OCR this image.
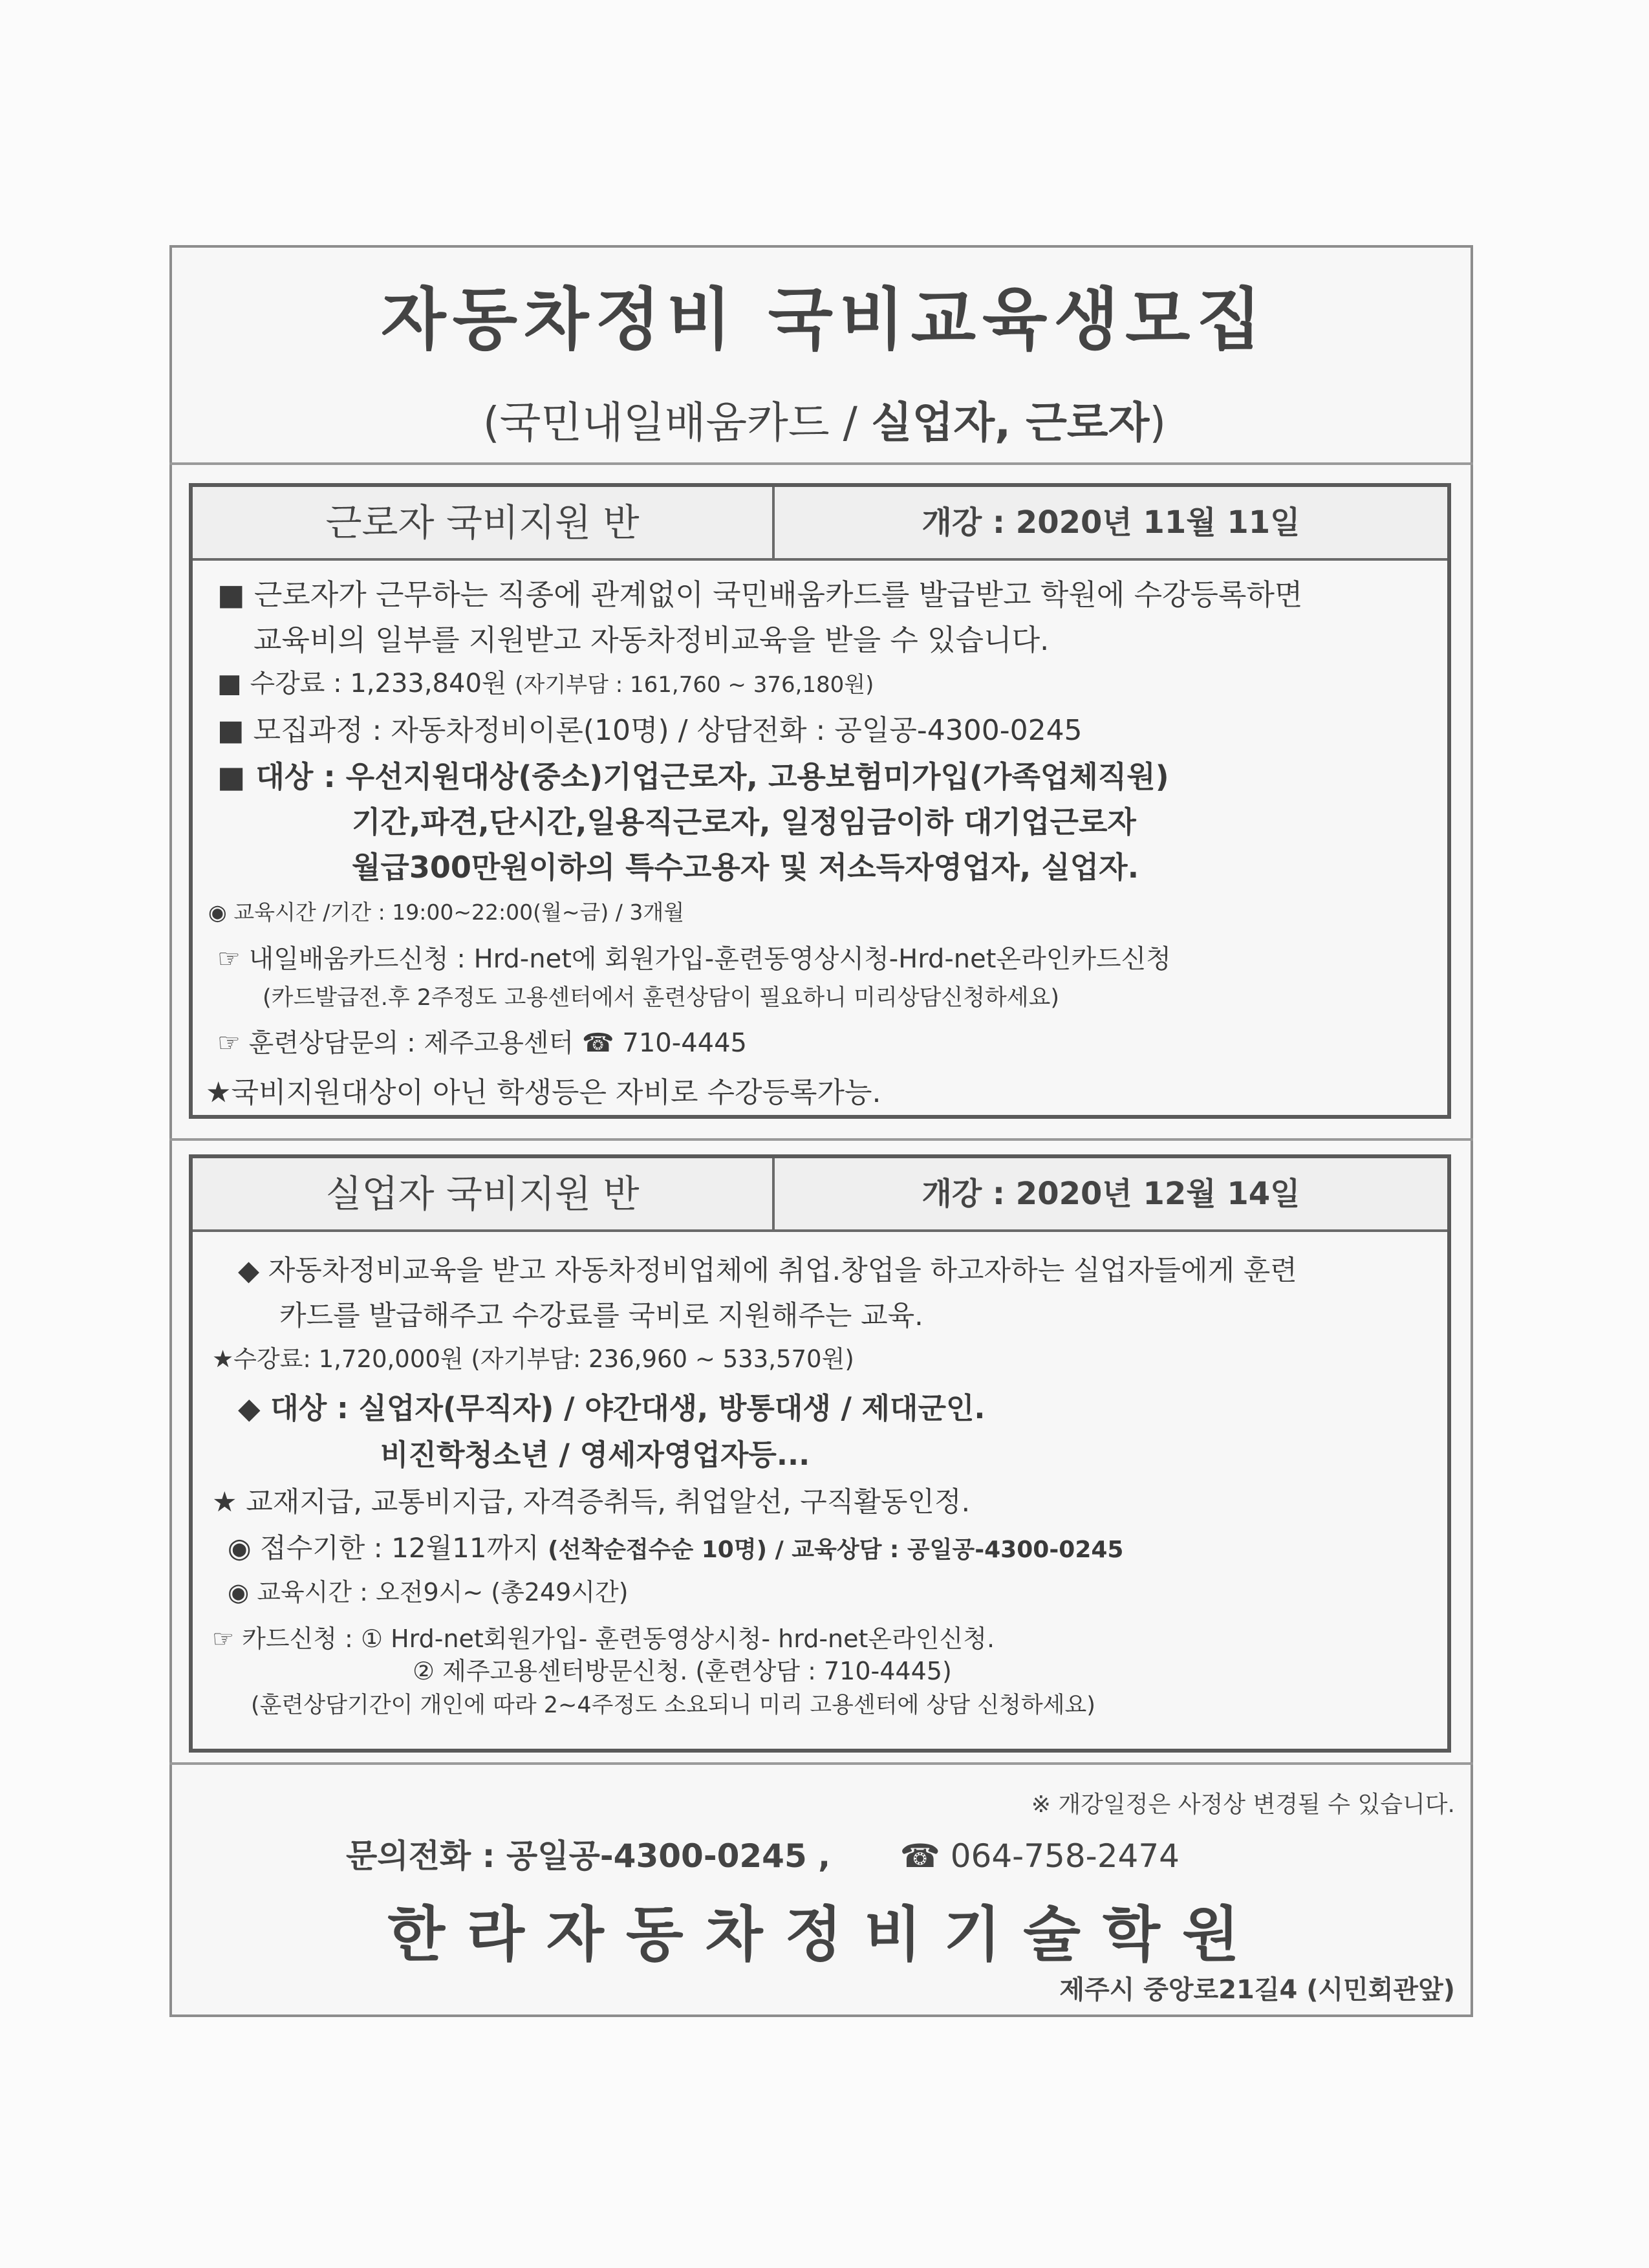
자동차정비 국비교육생모집
(국민내일배움카드 / 실업자, 근로자)
근로자 국비지원 반	개강 : 2020년 11월 11일
■ 근로자가 근무하는 직종에 관계없이 국민배움카드를 발급받고 학원에 수강등록하면
교육비의 일부를 지원받고 자동차정비교육을 받을 수 있습니다.
■ 수강료 : 1,233,840원 (자기부담 : 161,760 ~ 376,180원)
■ 모집과정 : 자동차정비이론(10명) / 상담전화 : 공일공-4300-0245
■ 대상 : 우선지원대상(중소)기업근로자, 고용보험미가입(가족업체직원)
기간,파견,단시간,일용직근로자, 일정임금이하 대기업근로자
월급300만원이하의 특수고용자 및 저소득자영업자, 실업자.
◉ 교육시간 /기간 : 19:00~22:00(월~금) / 3개월
☞ 내일배움카드신청 : Hrd-net에 회원가입-훈련동영상시청-Hrd-net온라인카드신청
(카드발급전.후 2주정도 고용센터에서 훈련상담이 필요하니 미리상담신청하세요)
☞ 훈련상담문의 : 제주고용센터 ☎ 710-4445
★국비지원대상이 아닌 학생등은 자비로 수강등록가능.
실업자 국비지원 반	개강 : 2020년 12월 14일
◆ 자동차정비교육을 받고 자동차정비업체에 취업.창업을 하고자하는 실업자들에게 훈련
카드를 발급해주고 수강료를 국비로 지원해주는 교육.
★수강료: 1,720,000원 (자기부담: 236,960 ~ 533,570원)
◆ 대상 : 실업자(무직자) / 야간대생, 방통대생 / 제대군인.
비진학청소년 / 영세자영업자등...
★ 교재지급, 교통비지급, 자격증취득, 취업알선, 구직활동인정.
◉ 접수기한 : 12월11까지 (선착순접수순 10명) / 교육상담 : 공일공-4300-0245
◉ 교육시간 : 오전9시~ (총249시간)
☞ 카드신청 : ① Hrd-net회원가입- 훈련동영상시청- hrd-net온라인신청.
② 제주고용센터방문신청. (훈련상담 : 710-4445)
(훈련상담기간이 개인에 따라 2~4주정도 소요되니 미리 고용센터에 상담 신청하세요)
※ 개강일정은 사정상 변경될 수 있습니다.
문의전화 : 공일공-4300-0245 , ☎ 064-758-2474
한라자동차정비기술학원
제주시 중앙로21길4 (시민회관앞)
